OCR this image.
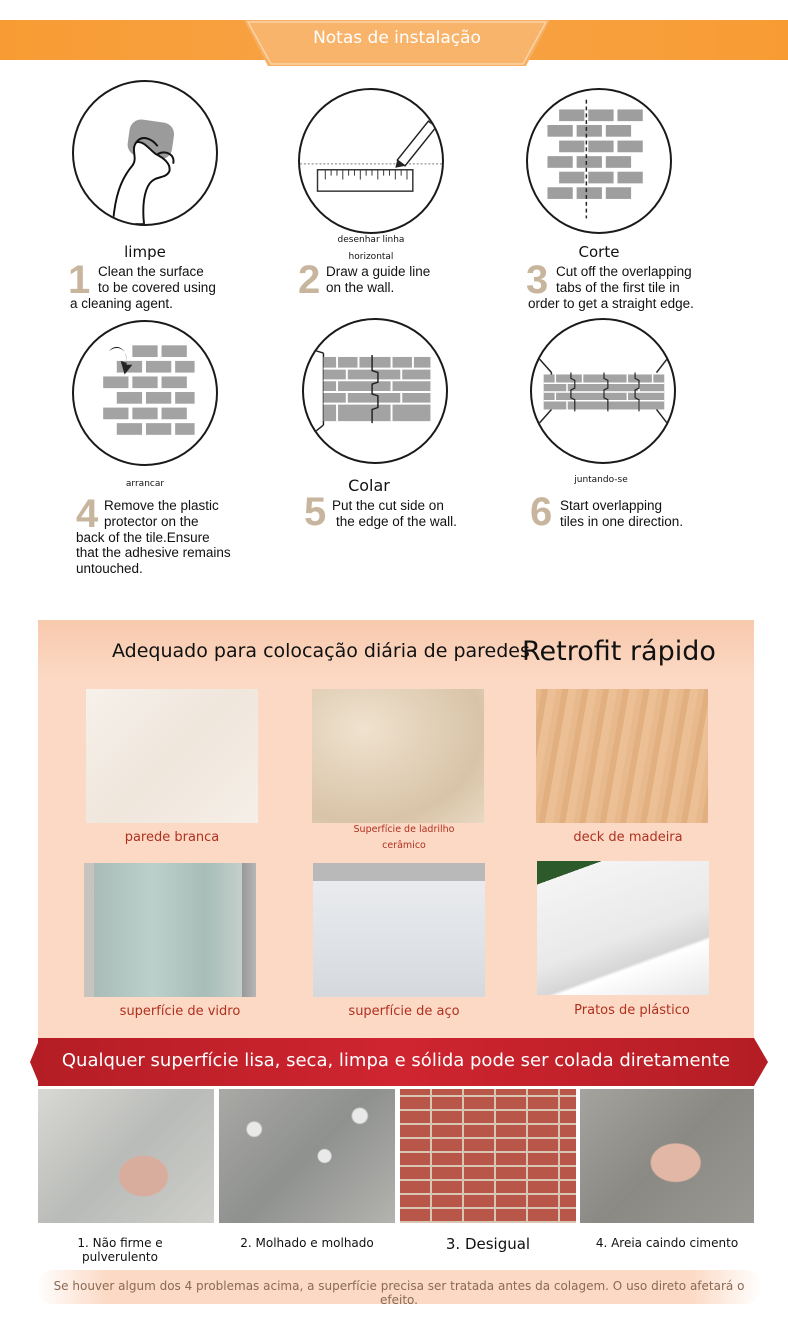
Notas de instalação
limpe
1 Clean the surface
to be covered using
a cleaning agent.
desenhar linha
horizontal
2 Draw a guide line
on the wall.
Corte
3 Cut off the overlapping
tabs of the first tile in
order to get a straight edge.
arrancar
4 Remove the plastic
protector on the
back of the tile.Ensure
that the adhesive remains
untouched.
Colar
5 Put the cut side on
the edge of the wall.
juntando-se
6 Start overlapping
tiles in one direction.
Adequado para colocação diária de paredes
Retrofit rápido
parede branca
Superfície de ladrilho
cerâmico
deck de madeira
superfície de vidro	superfície de aço	Pratos de plástico
Qualquer superfície lisa, seca, limpa e sólida pode ser colada diretamente
1. Não firme e pulverulento
2. Molhado e molhado	3. Desigual	4. Areia caindo cimento
Se houver algum dos 4 problemas acima, a superfície precisa ser tratada antes da colagem. O uso direto afetará o efeito.
